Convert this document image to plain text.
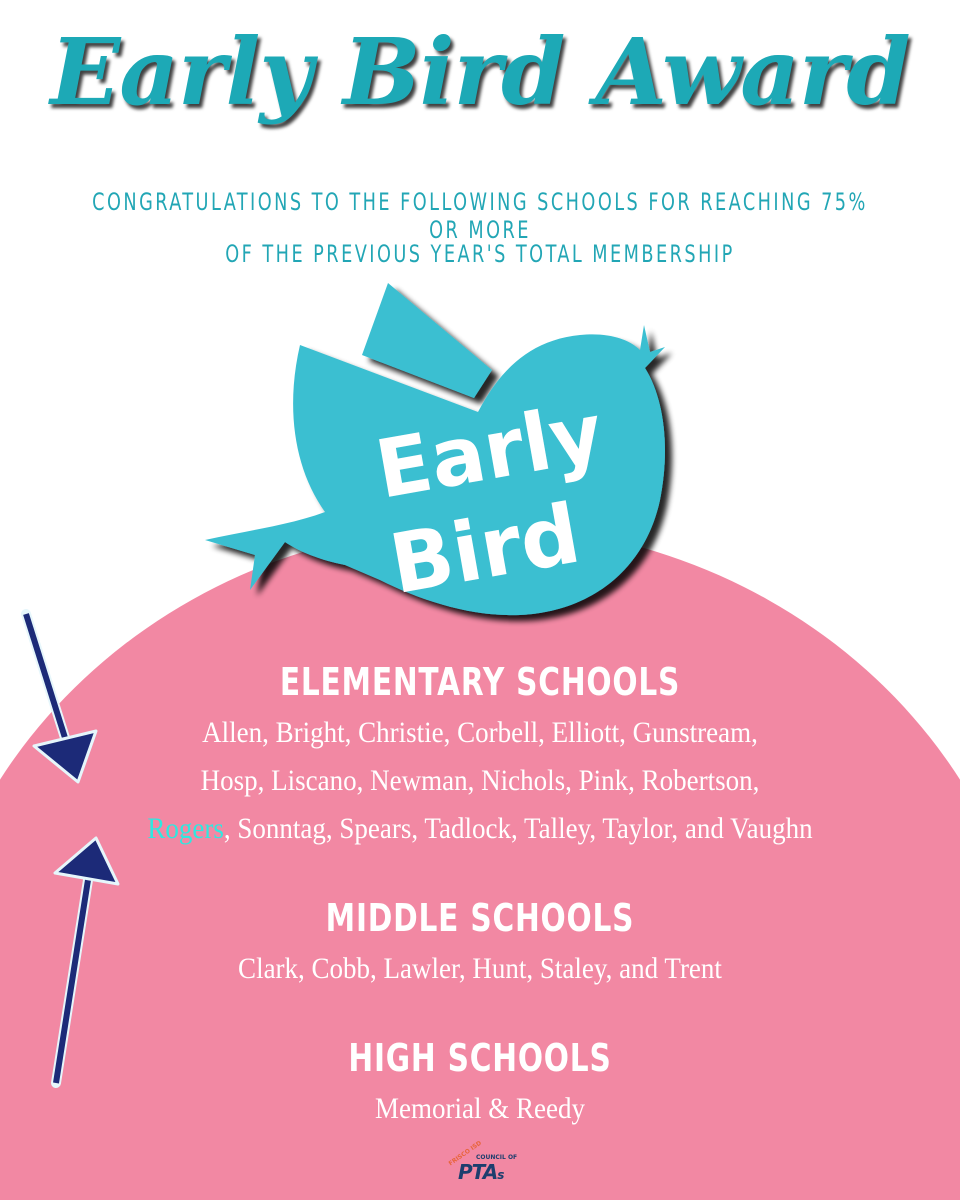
Early Bird Award
CONGRATULATIONS TO THE FOLLOWING SCHOOLS FOR REACHING 75% OR MORE
OF THE PREVIOUS YEAR'S TOTAL MEMBERSHIP
Early
Bird
ELEMENTARY SCHOOLS
Allen, Bright, Christie, Corbell, Elliott, Gunstream,
Hosp, Liscano, Newman, Nichols, Pink, Robertson,
Rogers, Sonntag, Spears, Tadlock, Talley, Taylor, and Vaughn
MIDDLE SCHOOLS
Clark, Cobb, Lawler, Hunt, Staley, and Trent
HIGH SCHOOLS
Memorial & Reedy
FRISCO ISD
COUNCIL OF
PTAs
